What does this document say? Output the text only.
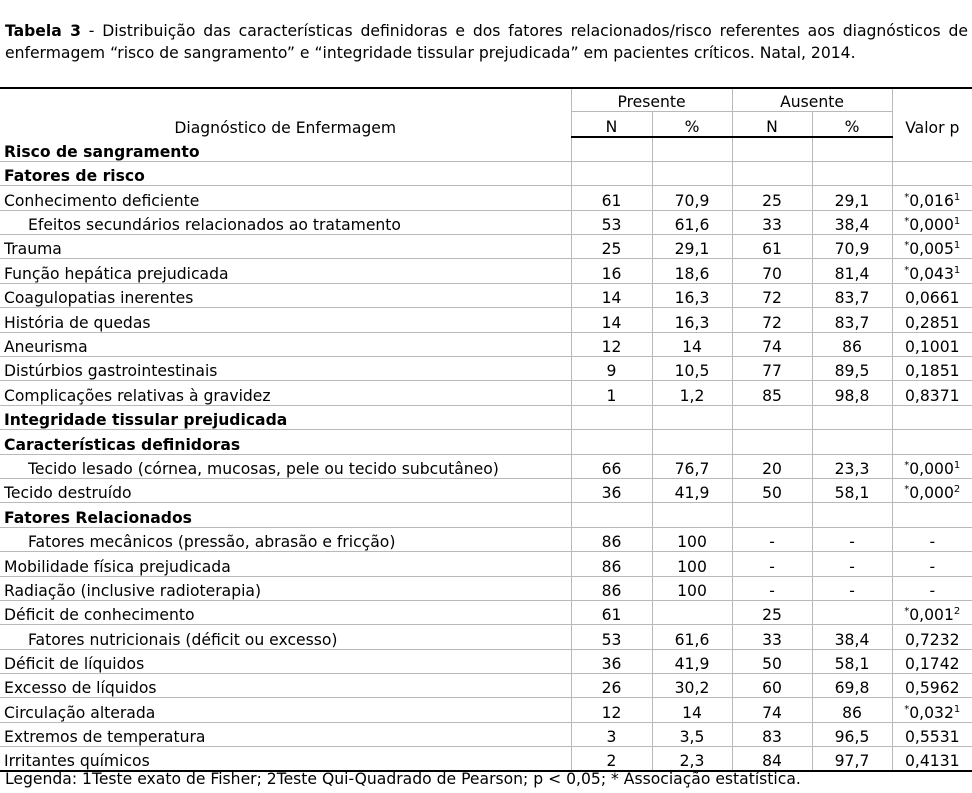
Tabela 3 - Distribuição das características definidoras e dos fatores relacionados/risco referentes aos diagnósticos de enfermagem “risco de sangramento” e “integridade tissular prejudicada” em pacientes críticos. Natal, 2014.
Diagnóstico de Enfermagem	Presente		Ausente		Valor p
	N	%	N	%	
Risco de sangramento					
Fatores de risco					
Conhecimento deficiente	61	70,9	25	29,1	*0,016$^1$
Efeitos secundários relacionados ao tratamento	53	61,6	33	38,4	*0,000$^1$
Trauma	25	29,1	61	70,9	*0,005$^1$
Função hepática prejudicada	16	18,6	70	81,4	*0,043$^1$
Coagulopatias inerentes	14	16,3	72	83,7	0,0661
História de quedas	14	16,3	72	83,7	0,2851
Aneurisma	12	14	74	86	0,1001
Distúrbios gastrointestinais	9	10,5	77	89,5	0,1851
Complicações relativas à gravidez	1	1,2	85	98,8	0,8371
Integridade tissular prejudicada					
Características definidoras					
Tecido lesado (córnea, mucosas, pele ou tecido subcutâneo)	66	76,7	20	23,3	*0,000$^1$
Tecido destruído	36	41,9	50	58,1	*0,000$^2$
Fatores Relacionados					
Fatores mecânicos (pressão, abrasão e fricção)	86	100	-	-	-
Mobilidade física prejudicada	86	100	-	-	-
Radiação (inclusive radioterapia)	86	100	-	-	-
Déficit de conhecimento	61		25		*0,001$^2$
Fatores nutricionais (déficit ou excesso)	53	61,6	33	38,4	0,7232
Déficit de líquidos	36	41,9	50	58,1	0,1742
Excesso de líquidos	26	30,2	60	69,8	0,5962
Circulação alterada	12	14	74	86	*0,032$^1$
Extremos de temperatura	3	3,5	83	96,5	0,5531
Irritantes químicos	2	2,3	84	97,7	0,4131
Legenda: 1Teste exato de Fisher; 2Teste Qui-Quadrado de Pearson; p < 0,05; * Associação estatística.
